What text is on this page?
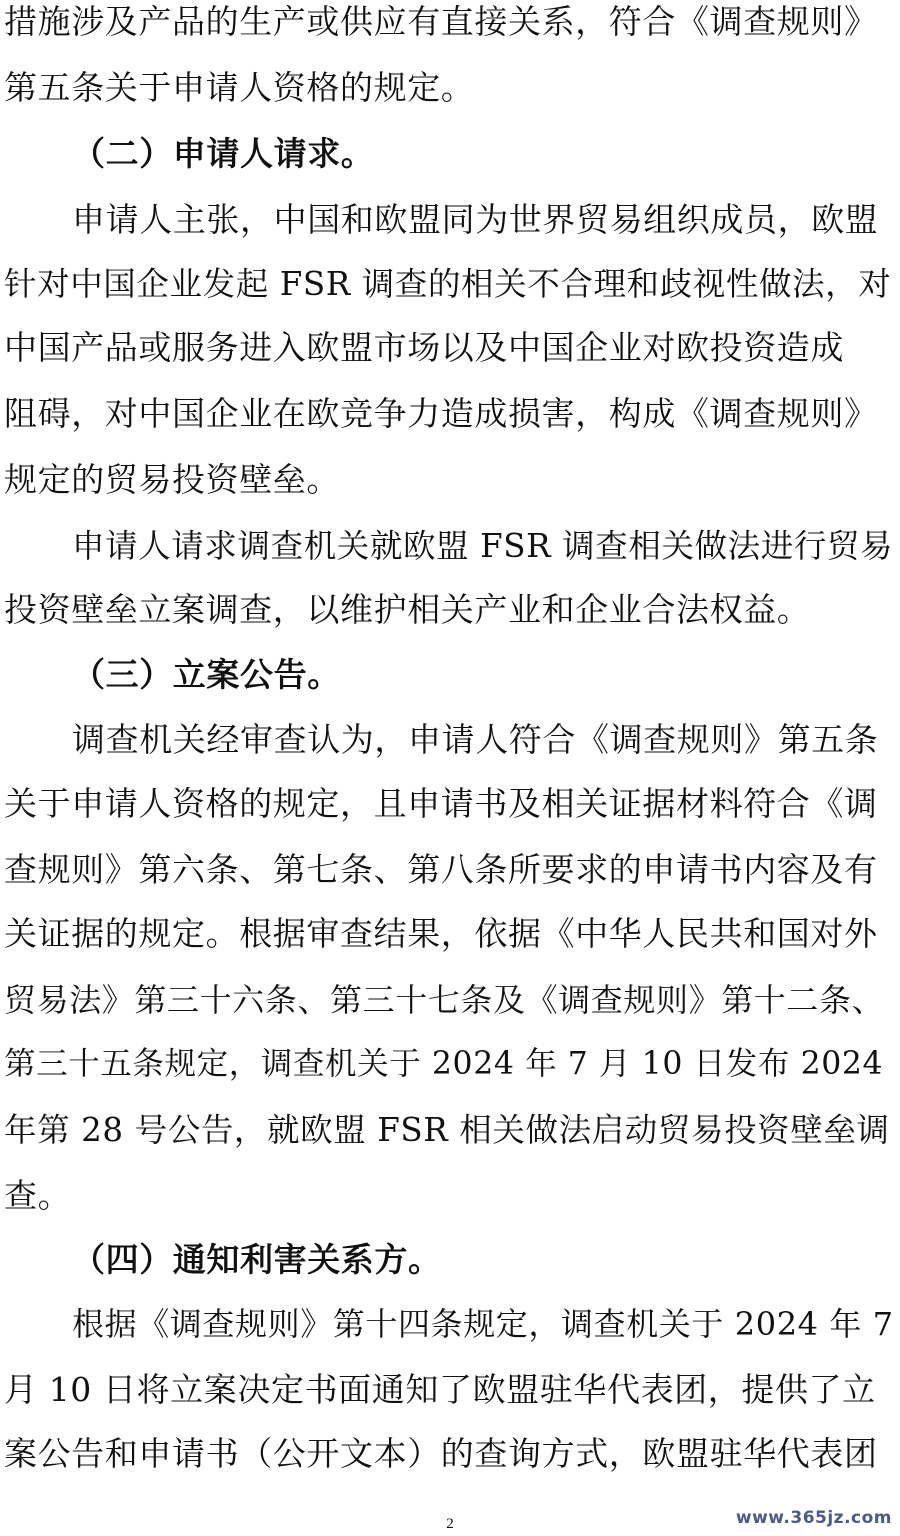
措施涉及产品的生产或供应有直接关系，符合《调查规则》
第五条关于申请人资格的规定。
（二）申请人请求。
申请人主张，中国和欧盟同为世界贸易组织成员，欧盟
针对中国企业发起 FSR 调查的相关不合理和歧视性做法，对
中国产品或服务进入欧盟市场以及中国企业对欧投资造成
阻碍，对中国企业在欧竞争力造成损害，构成《调查规则》
规定的贸易投资壁垒。
申请人请求调查机关就欧盟 FSR 调查相关做法进行贸易
投资壁垒立案调查，以维护相关产业和企业合法权益。
（三）立案公告。
调查机关经审查认为，申请人符合《调查规则》第五条
关于申请人资格的规定，且申请书及相关证据材料符合《调
查规则》第六条、第七条、第八条所要求的申请书内容及有
关证据的规定。根据审查结果，依据《中华人民共和国对外
贸易法》第三十六条、第三十七条及《调查规则》第十二条、
第三十五条规定，调查机关于 2024 年 7 月 10 日发布 2024
年第 28 号公告，就欧盟 FSR 相关做法启动贸易投资壁垒调
查。
（四）通知利害关系方。
根据《调查规则》第十四条规定，调查机关于 2024 年 7
月 10 日将立案决定书面通知了欧盟驻华代表团，提供了立
案公告和申请书（公开文本）的查询方式，欧盟驻华代表团
2	www.365jz.com
